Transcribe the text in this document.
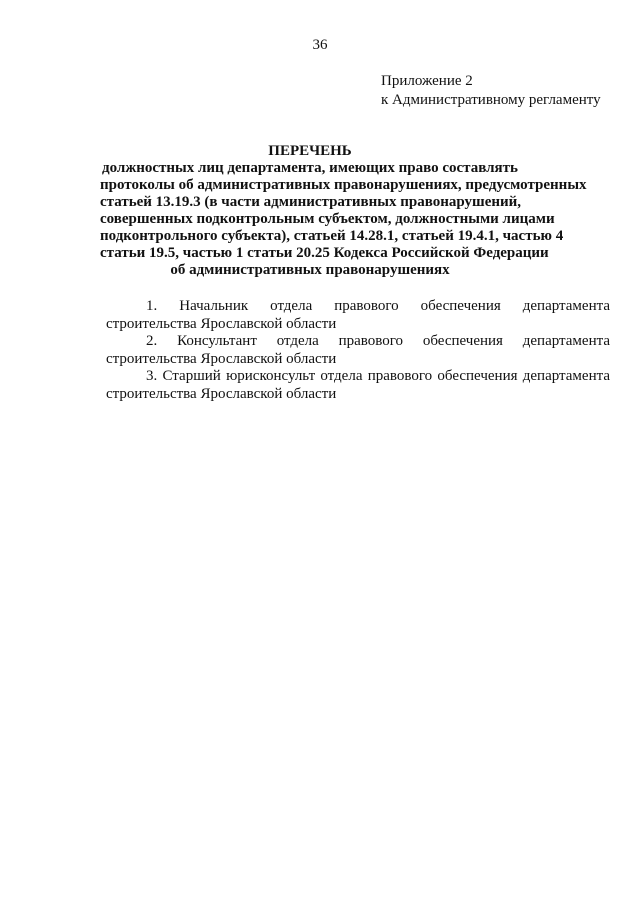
36
Приложение 2
к Административному регламенту
ПЕРЕЧЕНЬ
должностных лиц департамента, имеющих право составлять
протоколы об административных правонарушениях, предусмотренных
статьей 13.19.3 (в части административных правонарушений,
совершенных подконтрольным субъектом, должностными лицами
подконтрольного субъекта), статьей 14.28.1, статьей 19.4.1, частью 4
статьи 19.5, частью 1 статьи 20.25 Кодекса Российской Федерации
об административных правонарушениях
1. Начальник отдела правового обеспечения департамента
строительства Ярославской области
2. Консультант отдела правового обеспечения департамента
строительства Ярославской области
3. Старший юрисконсульт отдела правового обеспечения департамента
строительства Ярославской области
